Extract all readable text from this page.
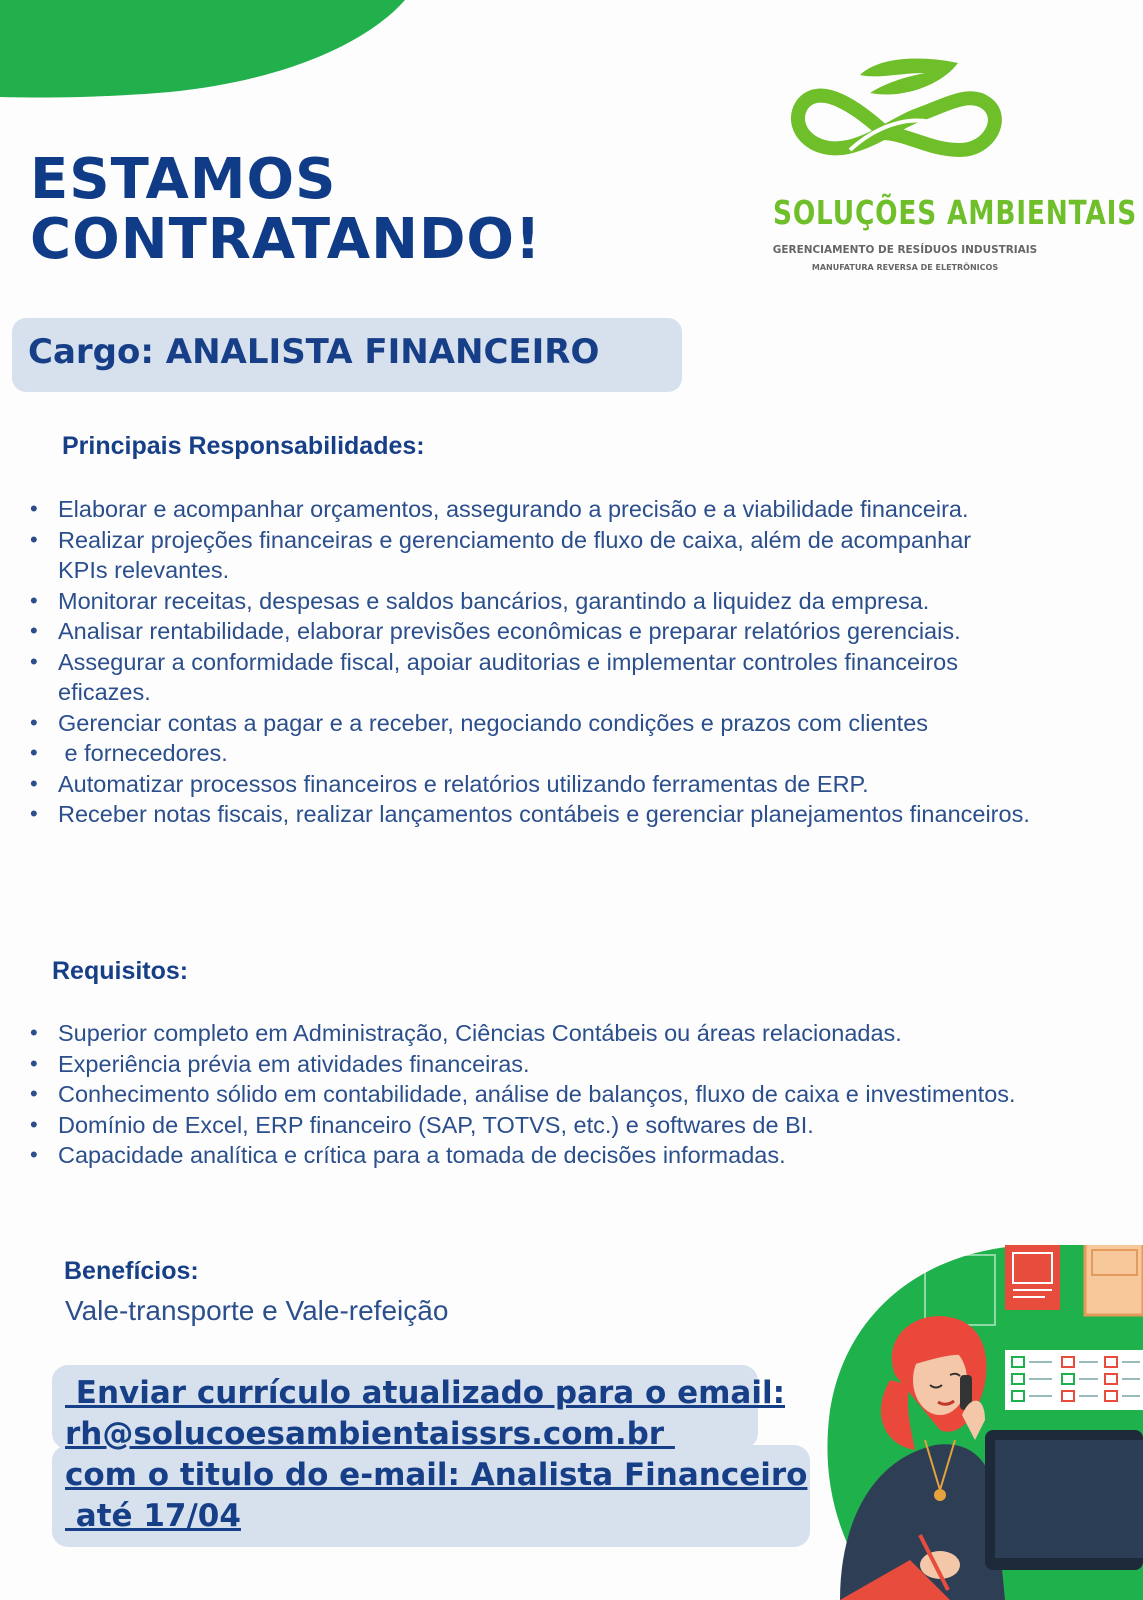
ESTAMOS
CONTRATANDO!	SOLUÇÕES AMBIENTAIS
GERENCIAMENTO DE RESÍDUOS INDUSTRIAIS
MANUFATURA REVERSA DE ELETRÔNICOS
Cargo: ANALISTA FINANCEIRO
Principais Responsabilidades:
• Elaborar e acompanhar orçamentos, assegurando a precisão e a viabilidade financeira.
• Realizar projeções financeiras e gerenciamento de fluxo de caixa, além de acompanhar KPIs relevantes.
• Monitorar receitas, despesas e saldos bancários, garantindo a liquidez da empresa.
• Analisar rentabilidade, elaborar previsões econômicas e preparar relatórios gerenciais.
• Assegurar a conformidade fiscal, apoiar auditorias e implementar controles financeiros eficazes.
• Gerenciar contas a pagar e a receber, negociando condições e prazos com clientes
•  e fornecedores.
• Automatizar processos financeiros e relatórios utilizando ferramentas de ERP.
• Receber notas fiscais, realizar lançamentos contábeis e gerenciar planejamentos financeiros.
Requisitos:
• Superior completo em Administração, Ciências Contábeis ou áreas relacionadas.
• Experiência prévia em atividades financeiras.
• Conhecimento sólido em contabilidade, análise de balanços, fluxo de caixa e investimentos.
• Domínio de Excel, ERP financeiro (SAP, TOTVS, etc.) e softwares de BI.
• Capacidade analítica e crítica para a tomada de decisões informadas.
Benefícios:
Vale-transporte e Vale-refeição
Enviar currículo atualizado para o email:
rh@solucoesambientaissrs.com.br
com o titulo do e-mail: Analista Financeiro
até 17/04
